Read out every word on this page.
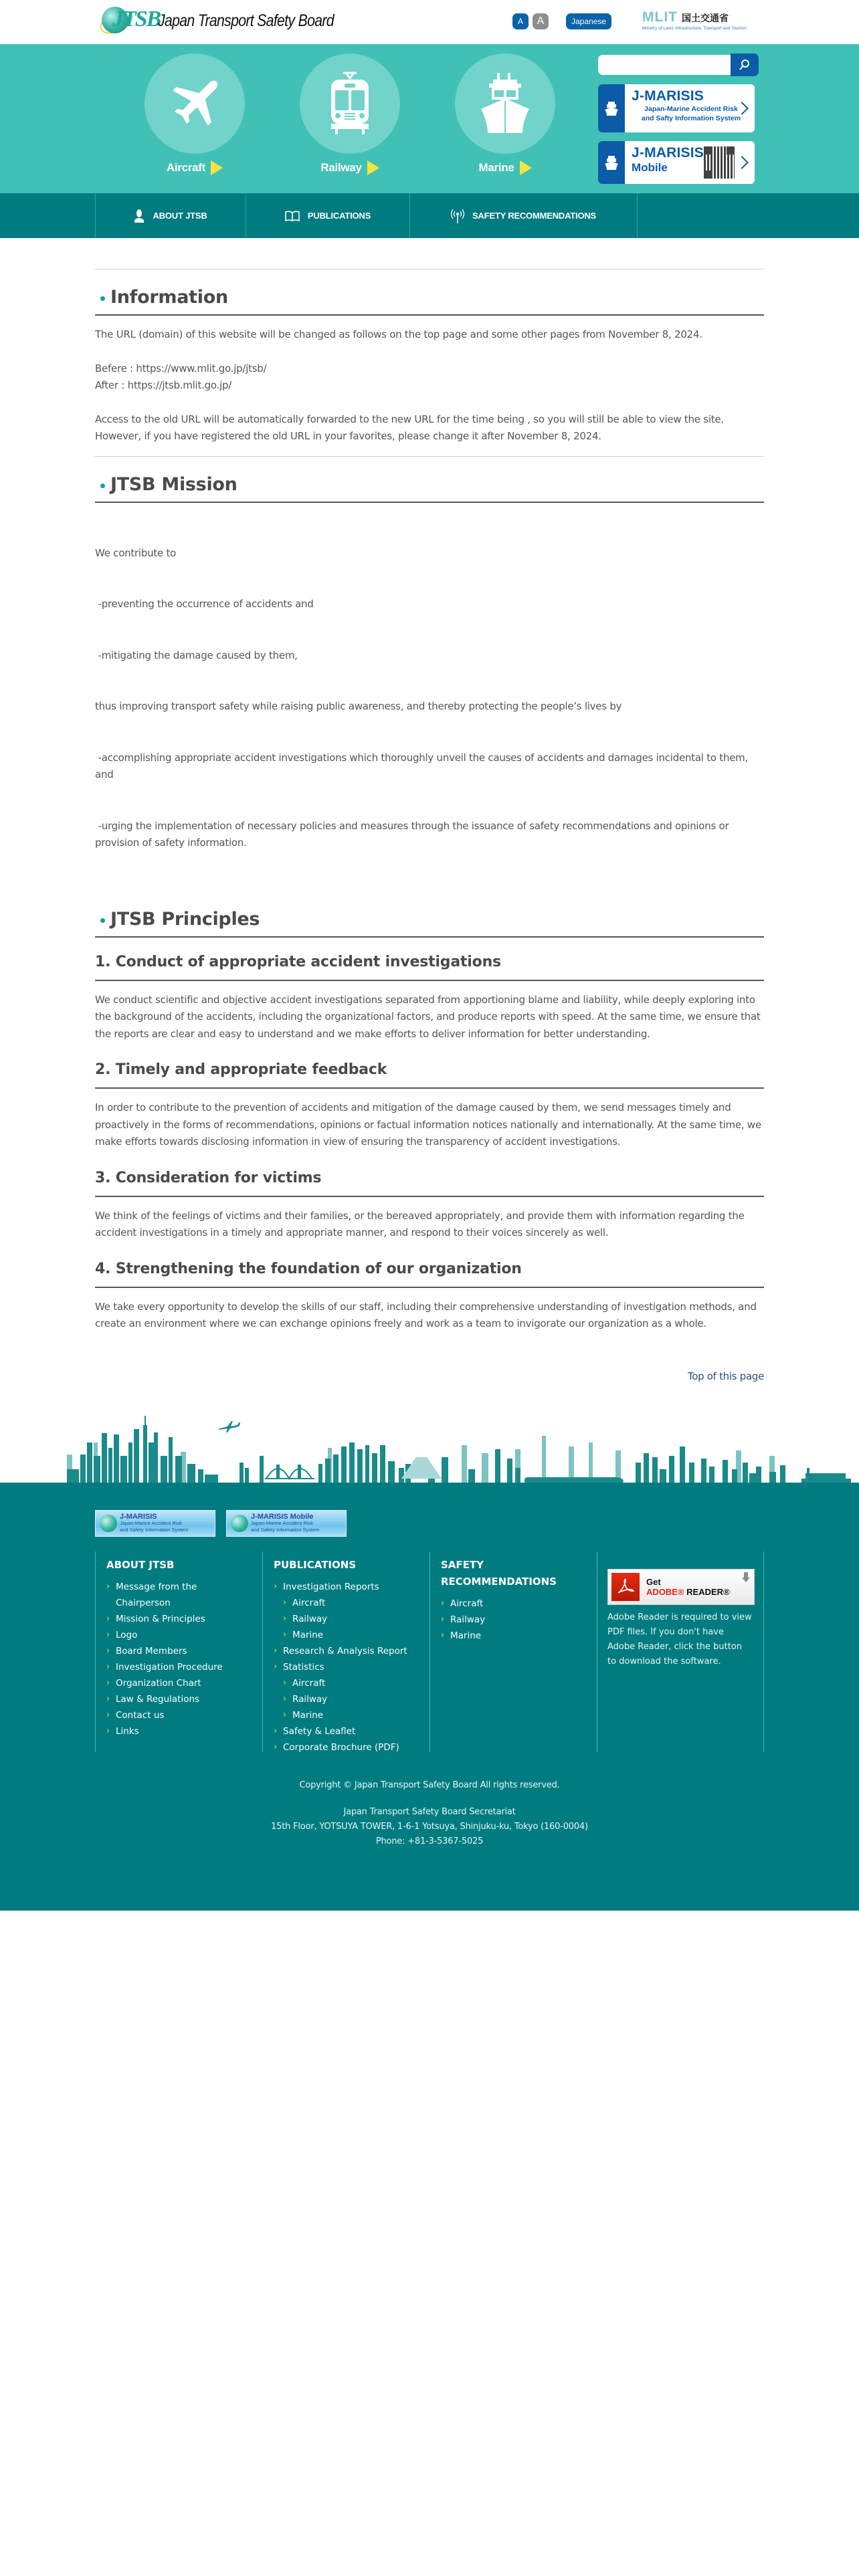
JTSB
Japan Transport Safety Board	A	A	Japanese	MLIT 国土交通省
Ministry of Land, Infrastructure, Transport and Tourism
Aircraft	Railway	Marine
J-MARISIS
Japan-Marine Accident Risk
and Safty Information System
J-MARISIS
Mobile
ABOUT JTSB	PUBLICATIONS	SAFETY RECOMMENDATIONS
Information

The URL (domain) of this website will be changed as follows on the top page and some other pages from November 8, 2024.

Befere : https://www.mlit.go.jp/jtsb/
After : https://jtsb.mlit.go.jp/

Access to the old URL will be automatically forwarded to the new URL for the time being , so you will still be able to view the site. However, if you have registered the old URL in your favorites, please change it after November 8, 2024.

JTSB Mission

We contribute to

-preventing the occurrence of accidents and

-mitigating the damage caused by them,

thus improving transport safety while raising public awareness, and thereby protecting the people’s lives by

-accomplishing appropriate accident investigations which thoroughly unveil the causes of accidents and damages incidental to them, and

-urging the implementation of necessary policies and measures through the issuance of safety recommendations and opinions or provision of safety information.

JTSB Principles
1. Conduct of appropriate accident investigations

We conduct scientific and objective accident investigations separated from apportioning blame and liability, while deeply exploring into the background of the accidents, including the organizational factors, and produce reports with speed. At the same time, we ensure that the reports are clear and easy to understand and we make efforts to deliver information for better understanding.

2. Timely and appropriate feedback

In order to contribute to the prevention of accidents and mitigation of the damage caused by them, we send messages timely and proactively in the forms of recommendations, opinions or factual information notices nationally and internationally. At the same time, we make efforts towards disclosing information in view of ensuring the transparency of accident investigations.

3. Consideration for victims

We think of the feelings of victims and their families, or the bereaved appropriately, and provide them with information regarding the accident investigations in a timely and appropriate manner, and respond to their voices sincerely as well.

4. Strengthening the foundation of our organization

We take every opportunity to develop the skills of our staff, including their comprehensive understanding of investigation methods, and create an environment where we can exchange opinions freely and work as a team to invigorate our organization as a whole.

Top of this page
J-MARISIS
Japan-Marine Accident Risk
and Safety Information System
J-MARISIS Mobile
Japan-Marine Accident Risk
and Safety Information System
ABOUT JTSB
› Message from the Chairperson
› Mission & Principles
› Logo
› Board Members
› Investigation Procedure
› Organization Chart
› Law & Regulations
› Contact us
› Links
PUBLICATIONS
› Investigation Reports
› Aircraft
› Railway
› Marine
› Research & Analysis Report
› Statistics
› Aircraft
› Railway
› Marine
› Safety & Leaflet
› Corporate Brochure (PDF)
SAFETY RECOMMENDATIONS
› Aircraft
› Railway
› Marine
Get
ADOBE® READER®
Adobe Reader is required to view PDF files. If you don't have Adobe Reader, click the button to download the software.
Copyright © Japan Transport Safety Board All rights reserved.
Japan Transport Safety Board Secretariat
15th Floor, YOTSUYA TOWER, 1-6-1 Yotsuya, Shinjuku-ku, Tokyo (160-0004)
Phone: +81-3-5367-5025
